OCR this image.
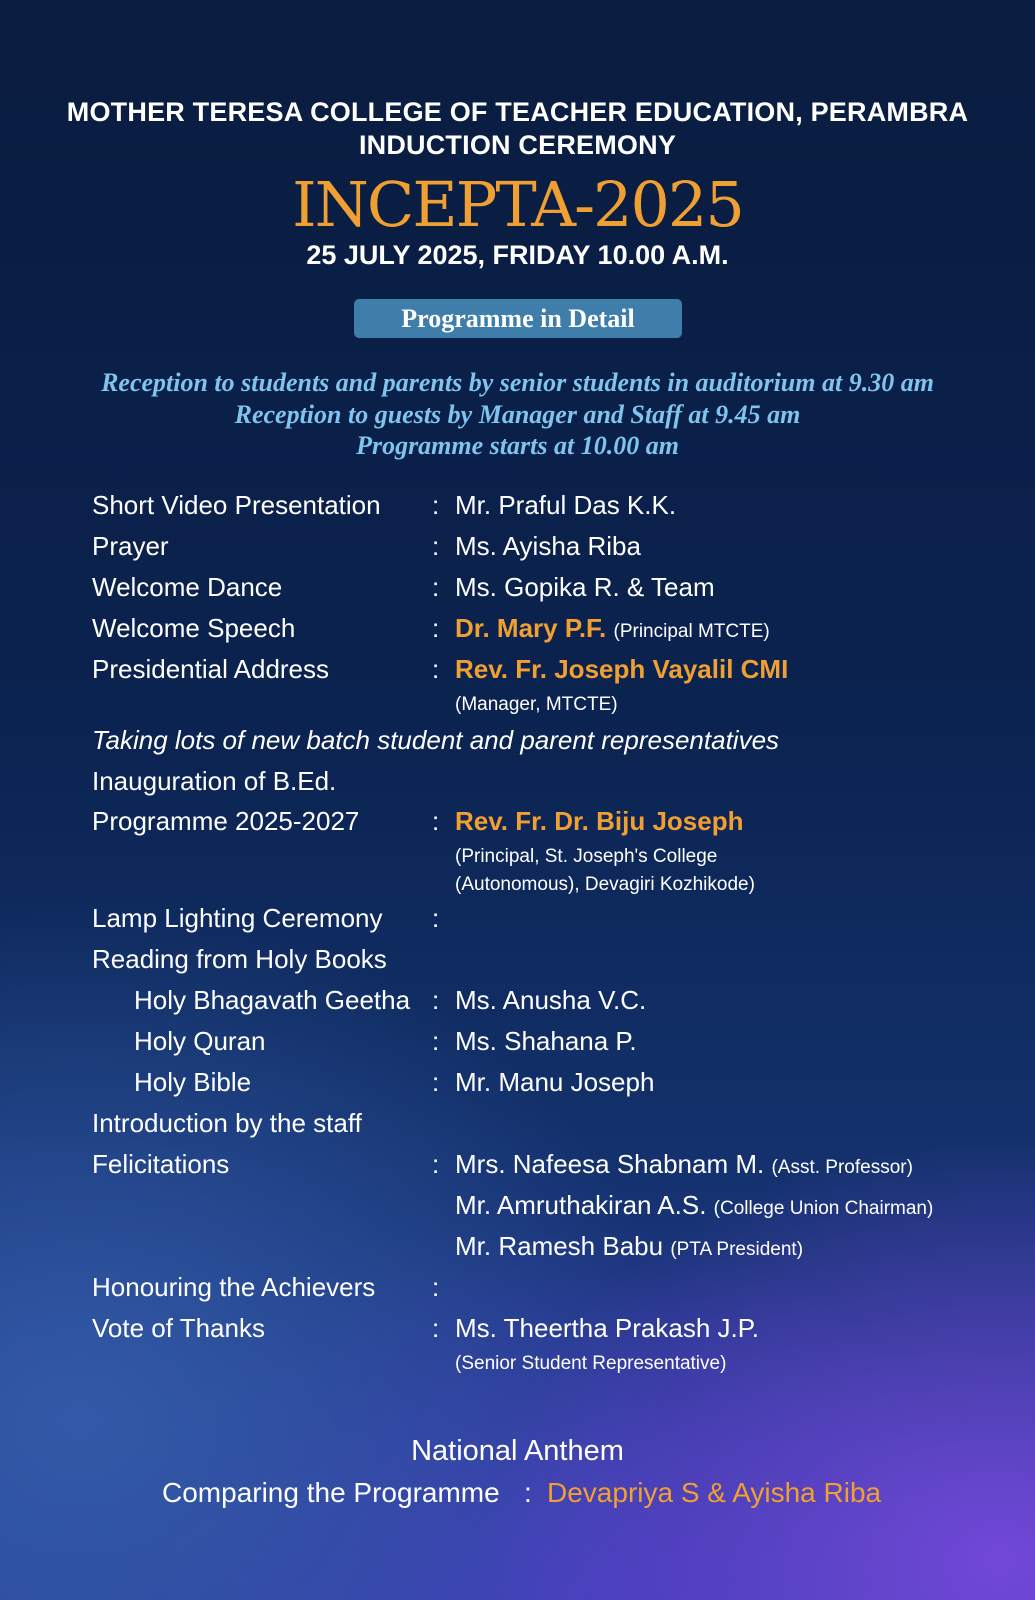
MOTHER TERESA COLLEGE OF TEACHER EDUCATION, PERAMBRA
INDUCTION CEREMONY
INCEPTA-2025
25 JULY 2025, FRIDAY 10.00 A.M.
Programme in Detail
Reception to students and parents by senior students in auditorium at 9.30 am
Reception to guests by Manager and Staff at 9.45 am
Programme starts at 10.00 am
Short Video Presentation : Mr. Praful Das K.K.
Prayer	: Ms. Ayisha Riba
Welcome Dance	: Ms. Gopika R. & Team
Welcome Speech	: Dr. Mary P.F. (Principal MTCTE)
Presidential Address	: Rev. Fr. Joseph Vayalil CMI
(Manager, MTCTE)
Taking lots of new batch student and parent representatives
Inauguration of B.Ed.
Programme 2025-2027	: Rev. Fr. Dr. Biju Joseph
(Principal, St. Joseph's College
(Autonomous), Devagiri Kozhikode)
Lamp Lighting Ceremony :
Reading from Holy Books
Holy Bhagavath Geetha : Ms. Anusha V.C.
Holy Quran	: Ms. Shahana P.
Holy Bible	: Mr. Manu Joseph
Introduction by the staff
Felicitations	: Mrs. Nafeesa Shabnam M. (Asst. Professor)
Mr. Amruthakiran A.S. (College Union Chairman)
Mr. Ramesh Babu (PTA President)
Honouring the Achievers :
Vote of Thanks	: Ms. Theertha Prakash J.P.
(Senior Student Representative)
National Anthem
Comparing the Programme : Devapriya S & Ayisha Riba
